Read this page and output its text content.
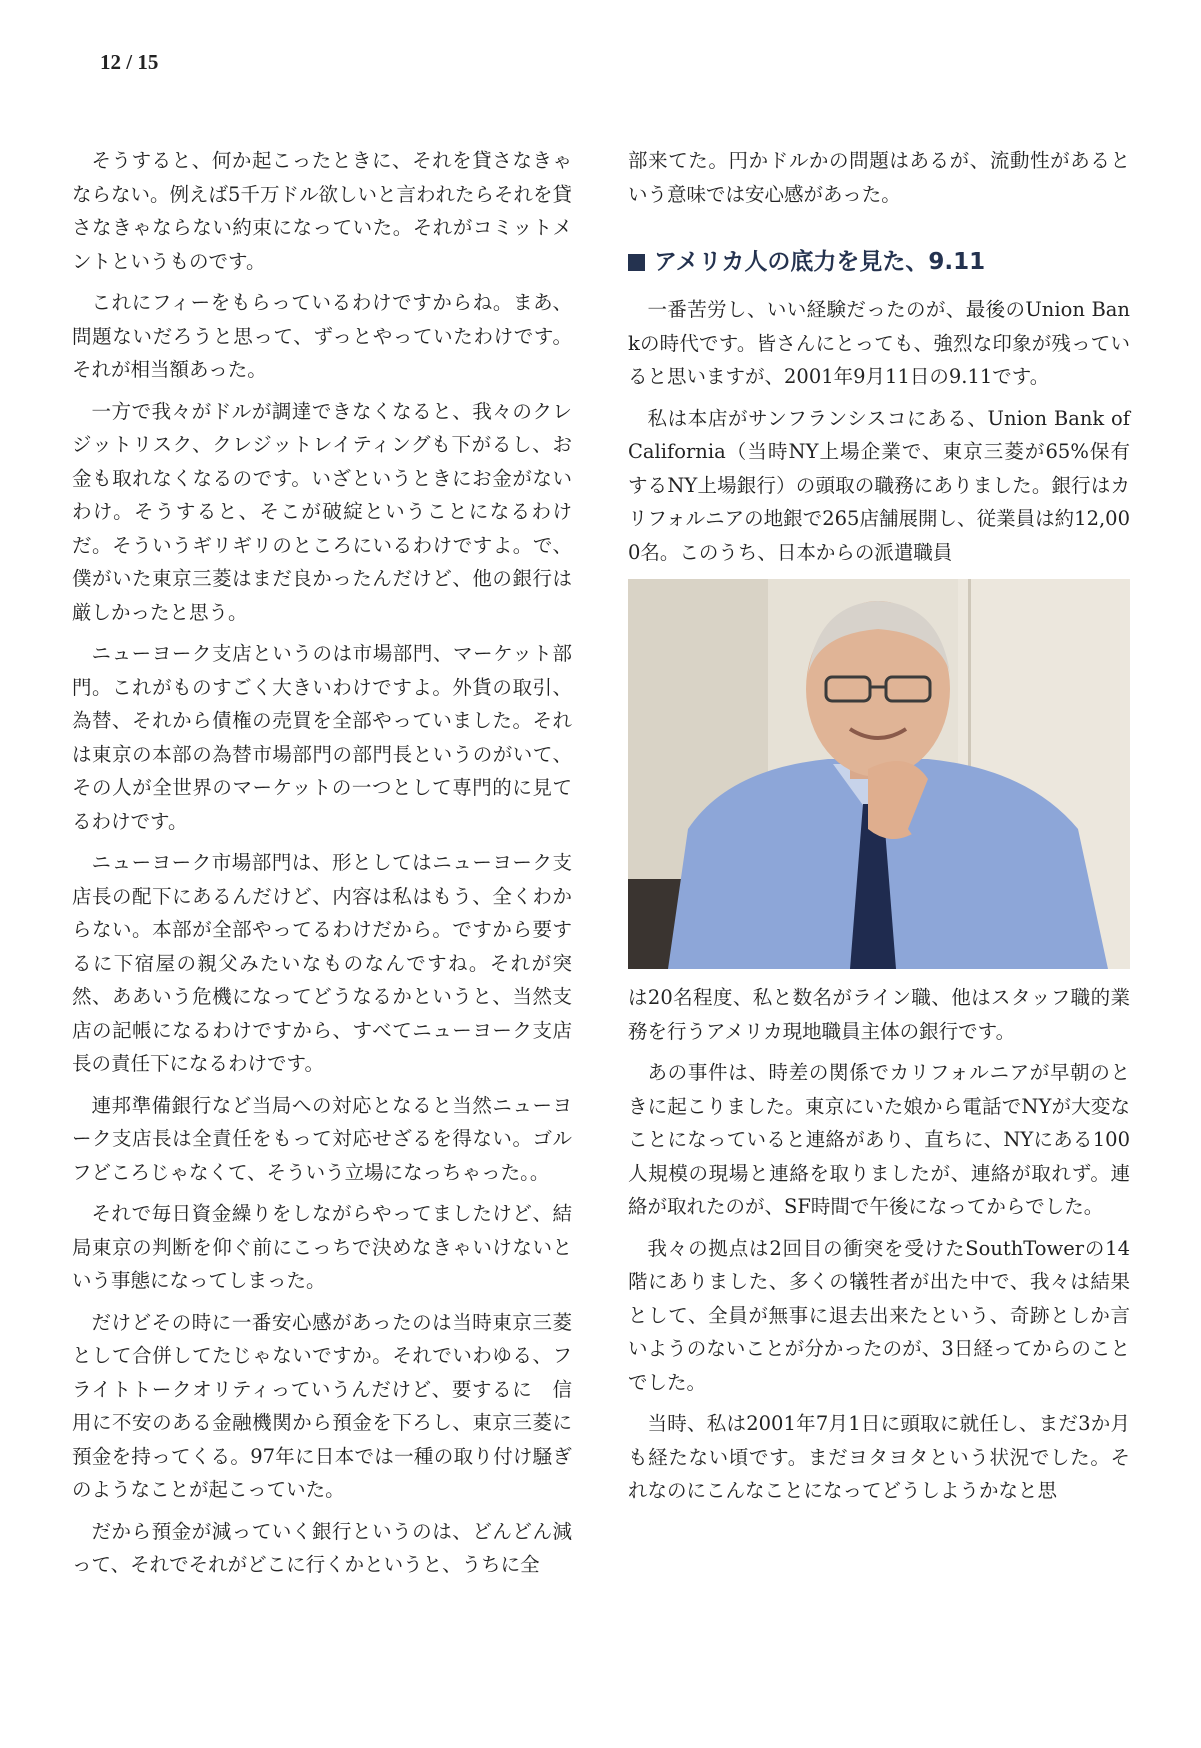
12 / 15

そうすると、何か起こったときに、それを貸さなきゃならない。例えば5千万ドル欲しいと言われたらそれを貸さなきゃならない約束になっていた。それがコミットメントというものです。

これにフィーをもらっているわけですからね。まあ、問題ないだろうと思って、ずっとやっていたわけです。それが相当額あった。

一方で我々がドルが調達できなくなると、我々のクレジットリスク、クレジットレイティングも下がるし、お金も取れなくなるのです。いざというときにお金がないわけ。そうすると、そこが破綻ということになるわけだ。そういうギリギリのところにいるわけですよ。で、僕がいた東京三菱はまだ良かったんだけど、他の銀行は厳しかったと思う。

ニューヨーク支店というのは市場部門、マーケット部門。これがものすごく大きいわけですよ。外貨の取引、為替、それから債権の売買を全部やっていました。それは東京の本部の為替市場部門の部門長というのがいて、その人が全世界のマーケットの一つとして専門的に見てるわけです。

ニューヨーク市場部門は、形としてはニューヨーク支店長の配下にあるんだけど、内容は私はもう、全くわからない。本部が全部やってるわけだから。ですから要するに下宿屋の親父みたいなものなんですね。それが突然、ああいう危機になってどうなるかというと、当然支店の記帳になるわけですから、すべてニューヨーク支店長の責任下になるわけです。

連邦準備銀行など当局への対応となると当然ニューヨーク支店長は全責任をもって対応せざるを得ない。ゴルフどころじゃなくて、そういう立場になっちゃった。。

それで毎日資金繰りをしながらやってましたけど、結局東京の判断を仰ぐ前にこっちで決めなきゃいけないという事態になってしまった。

だけどその時に一番安心感があったのは当時東京三菱として合併してたじゃないですか。それでいわゆる、フライトトークオリティっていうんだけど、要するに　信用に不安のある金融機関から預金を下ろし、東京三菱に預金を持ってくる。97年に日本では一種の取り付け騒ぎのようなことが起こっていた。

だから預金が減っていく銀行というのは、どんどん減って、それでそれがどこに行くかというと、うちに全

部来てた。円かドルかの問題はあるが、流動性があるという意味では安心感があった。

アメリカ人の底力を見た、9.11

一番苦労し、いい経験だったのが、最後のUnion Bankの時代です。皆さんにとっても、強烈な印象が残っていると思いますが、2001年9月11日の9.11です。

私は本店がサンフランシスコにある、Union Bank of California（当時NY上場企業で、東京三菱が65%保有するNY上場銀行）の頭取の職務にありました。銀行はカリフォルニアの地銀で265店舗展開し、従業員は約12,000名。このうち、日本からの派遣職員

は20名程度、私と数名がライン職、他はスタッフ職的業務を行うアメリカ現地職員主体の銀行です。

あの事件は、時差の関係でカリフォルニアが早朝のときに起こりました。東京にいた娘から電話でNYが大変なことになっていると連絡があり、直ちに、NYにある100人規模の現場と連絡を取りましたが、連絡が取れず。連絡が取れたのが、SF時間で午後になってからでした。

我々の拠点は2回目の衝突を受けたSouthTowerの14階にありました、多くの犠牲者が出た中で、我々は結果として、全員が無事に退去出来たという、奇跡としか言いようのないことが分かったのが、3日経ってからのことでした。

当時、私は2001年7月1日に頭取に就任し、まだ3か月も経たない頃です。まだヨタヨタという状況でした。それなのにこんなことになってどうしようかなと思
